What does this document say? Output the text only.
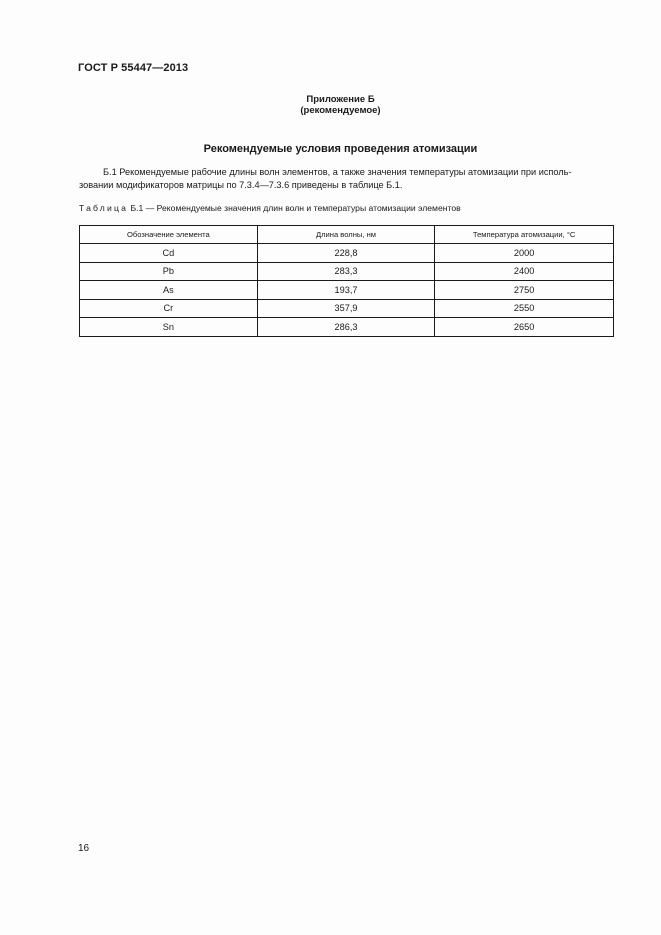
ГОСТ Р 55447—2013
Приложение Б
(рекомендуемое)
Рекомендуемые условия проведения атомизации
Б.1 Рекомендуемые рабочие длины волн элементов, а также значения температуры атомизации при исполь-
зовании модификаторов матрицы по 7.3.4—7.3.6 приведены в таблице Б.1.
Таблица Б.1 — Рекомендуемые значения длин волн и температуры атомизации элементов
Обозначение элемента	Длина волны, нм	Температура атомизации, °С
Cd	228,8	2000
Pb	283,3	2400
As	193,7	2750
Cr	357,9	2550
Sn	286,3	2650
16
